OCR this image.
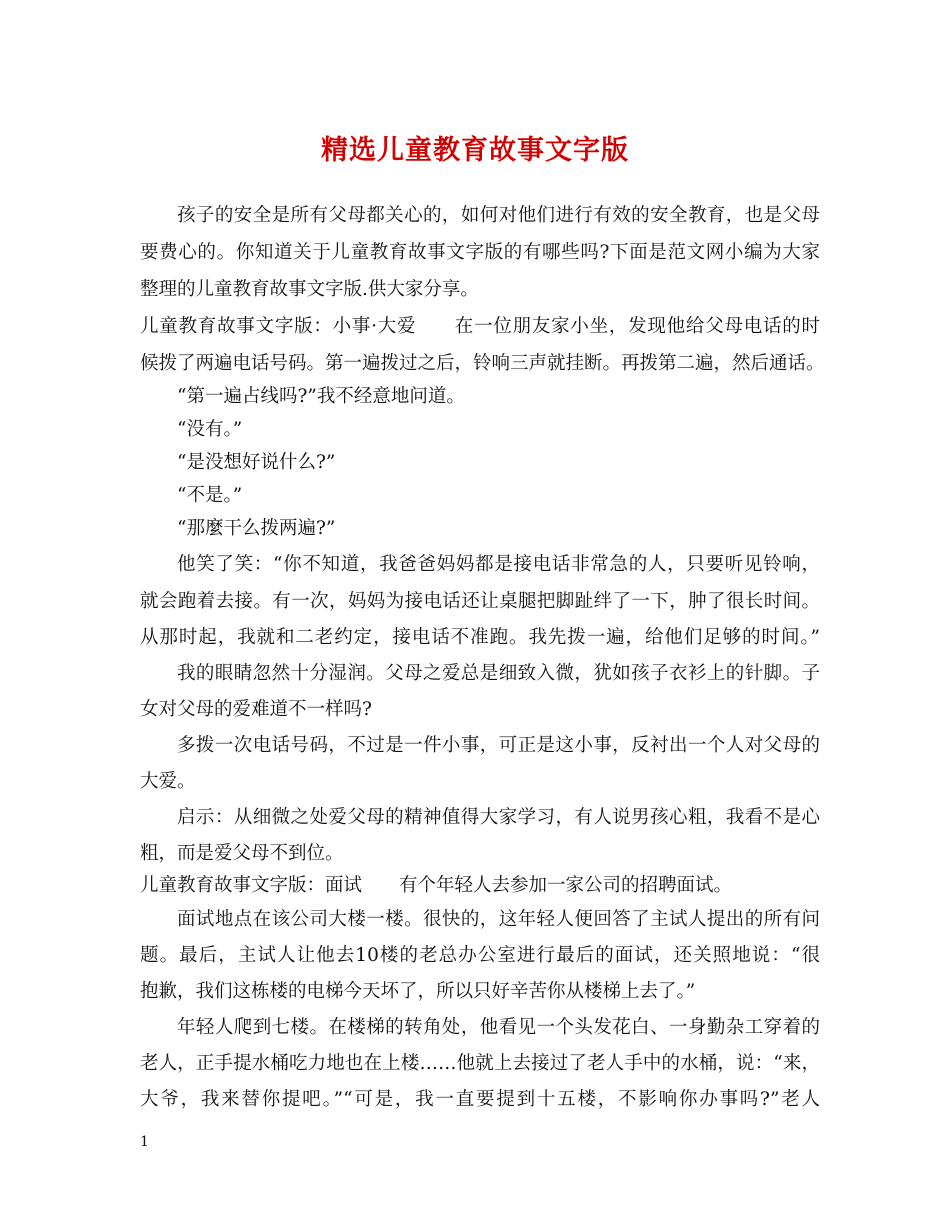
精选儿童教育故事文字版
孩子的安全是所有父母都关心的，如何对他们进行有效的安全教育，也是父母
要费心的。你知道关于儿童教育故事文字版的有哪些吗?下面是范文网小编为大家
整理的儿童教育故事文字版.供大家分享。
儿童教育故事文字版：小事·大爱　　在一位朋友家小坐，发现他给父母电话的时
候拨了两遍电话号码。第一遍拨过之后，铃响三声就挂断。再拨第二遍，然后通话。
“第一遍占线吗?”我不经意地问道。
“没有。”
“是没想好说什么?”
“不是。”
“那麼干么拨两遍?”
他笑了笑：“你不知道，我爸爸妈妈都是接电话非常急的人，只要听见铃响，
就会跑着去接。有一次，妈妈为接电话还让桌腿把脚趾绊了一下，肿了很长时间。
从那时起，我就和二老约定，接电话不准跑。我先拨一遍，给他们足够的时间。”
我的眼睛忽然十分湿润。父母之爱总是细致入微，犹如孩子衣衫上的针脚。子
女对父母的爱难道不一样吗?
多拨一次电话号码，不过是一件小事，可正是这小事，反衬出一个人对父母的
大爱。
启示：从细微之处爱父母的精神值得大家学习，有人说男孩心粗，我看不是心
粗，而是爱父母不到位。
儿童教育故事文字版：面试　　有个年轻人去参加一家公司的招聘面试。
面试地点在该公司大楼一楼。很快的，这年轻人便回答了主试人提出的所有问
题。最后，主试人让他去10楼的老总办公室进行最后的面试，还关照地说：“很
抱歉，我们这栋楼的电梯今天坏了，所以只好辛苦你从楼梯上去了。”
年轻人爬到七楼。在楼梯的转角处，他看见一个头发花白、一身勤杂工穿着的
老人，正手提水桶吃力地也在上楼……他就上去接过了老人手中的水桶，说：“来，
大爷，我来替你提吧。”“可是，我一直要提到十五楼，不影响你办事吗?”老人
1
